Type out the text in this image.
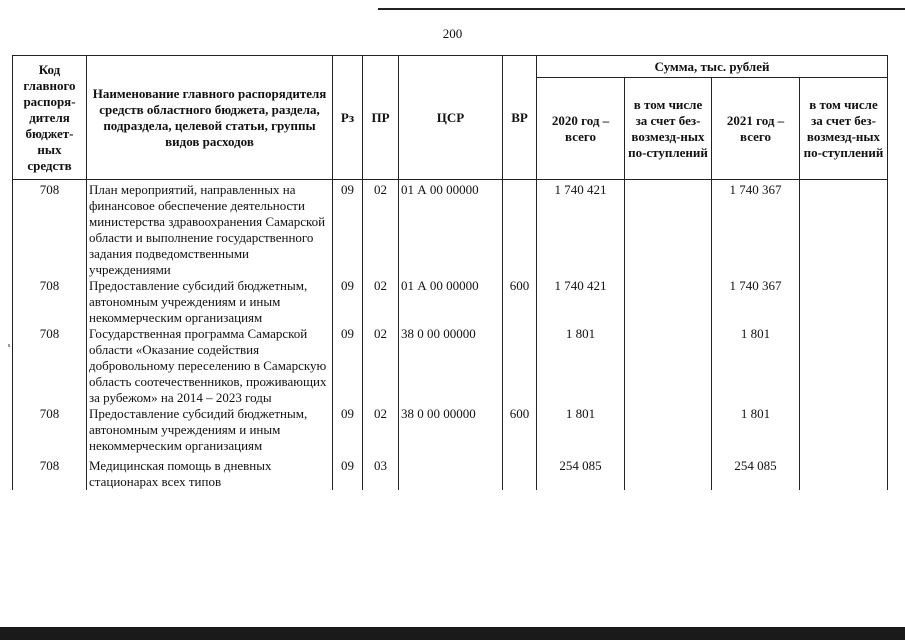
200
Код главного распоря-дителя бюджет-ных средств	Наименование главного распорядителя средств областного бюджета, раздела, подраздела, целевой статьи, группы видов расходов	Рз	ПР	ЦСР	ВР	Сумма, тыс. рублей			
						2020 год – всего	в том числе за счет без-возмезд-ных по-ступлений	2021 год – всего	в том числе за счет без-возмезд-ных по-ступлений
708	План мероприятий, направленных на финансовое обеспечение деятельности министерства здравоохранения Самарской области и выполнение государственного задания подведомственными учреждениями	09	02	01 А 00 00000		1 740 421		1 740 367	
708	Предоставление субсидий бюджетным, автономным учреждениям и иным некоммерческим организациям	09	02	01 А 00 00000	600	1 740 421		1 740 367	
708	Государственная программа Самарской области «Оказание содействия добровольному переселению в Самарскую область соотечественников, проживающих за рубежом» на 2014 – 2023 годы	09	02	38 0 00 00000		1 801		1 801	
708	Предоставление субсидий бюджетным, автономным учреждениям и иным некоммерческим организациям	09	02	38 0 00 00000	600	1 801		1 801	

708	Медицинская помощь в дневных стационарах всех типов	09	03			254 085		254 085	
